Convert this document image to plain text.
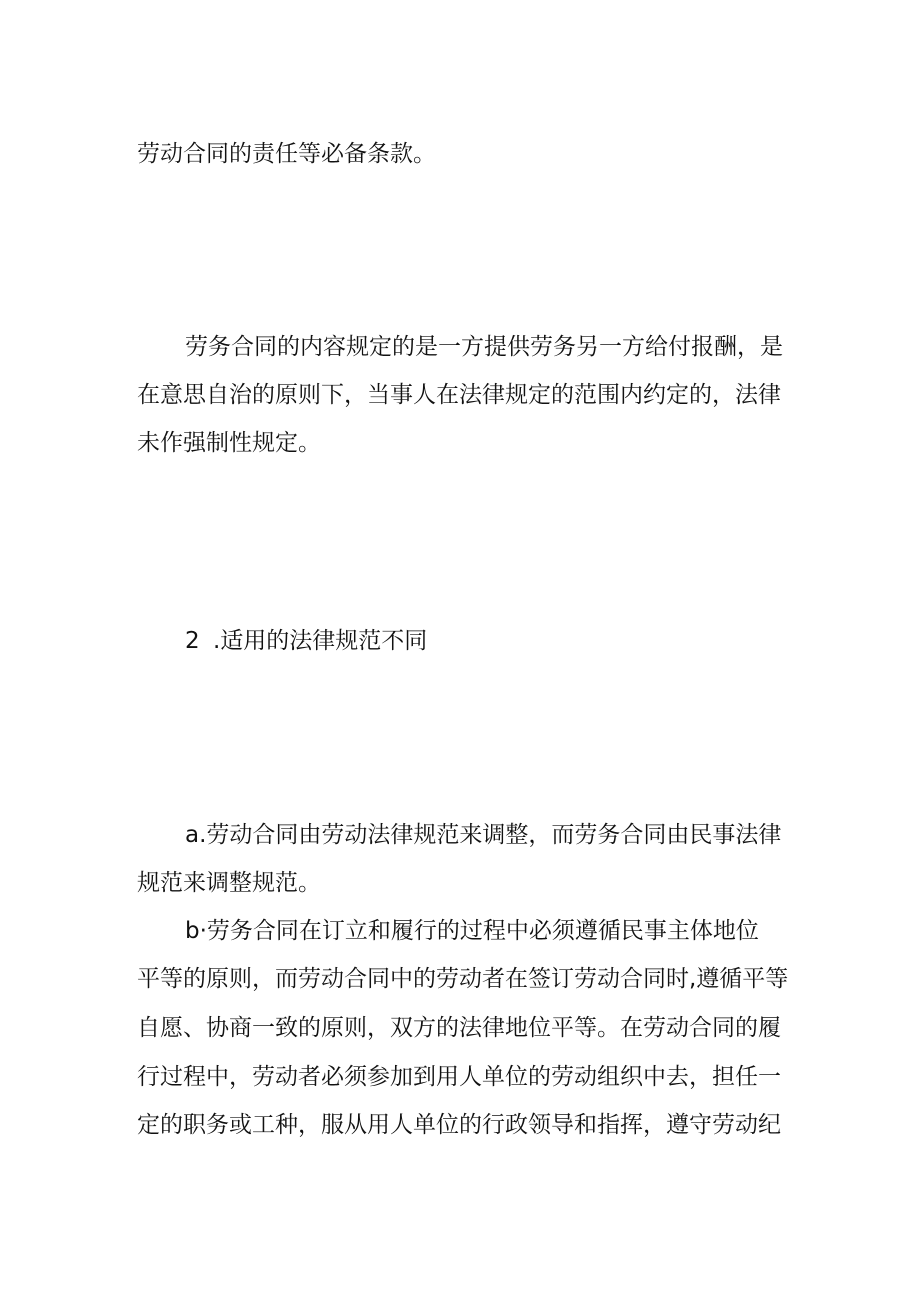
劳动合同的责任等必备条款。
劳务合同的内容规定的是一方提供劳务另一方给付报酬，是
在意思自治的原则下，当事人在法律规定的范围内约定的，法律
未作强制性规定。
2 .适用的法律规范不同
a.劳动合同由劳动法律规范来调整，而劳务合同由民事法律
规范来调整规范。
b·劳务合同在订立和履行的过程中必须遵循民事主体地位
平等的原则，而劳动合同中的劳动者在签订劳动合同时,遵循平等
自愿、协商一致的原则，双方的法律地位平等。在劳动合同的履
行过程中，劳动者必须参加到用人单位的劳动组织中去，担任一
定的职务或工种，服从用人单位的行政领导和指挥，遵守劳动纪
